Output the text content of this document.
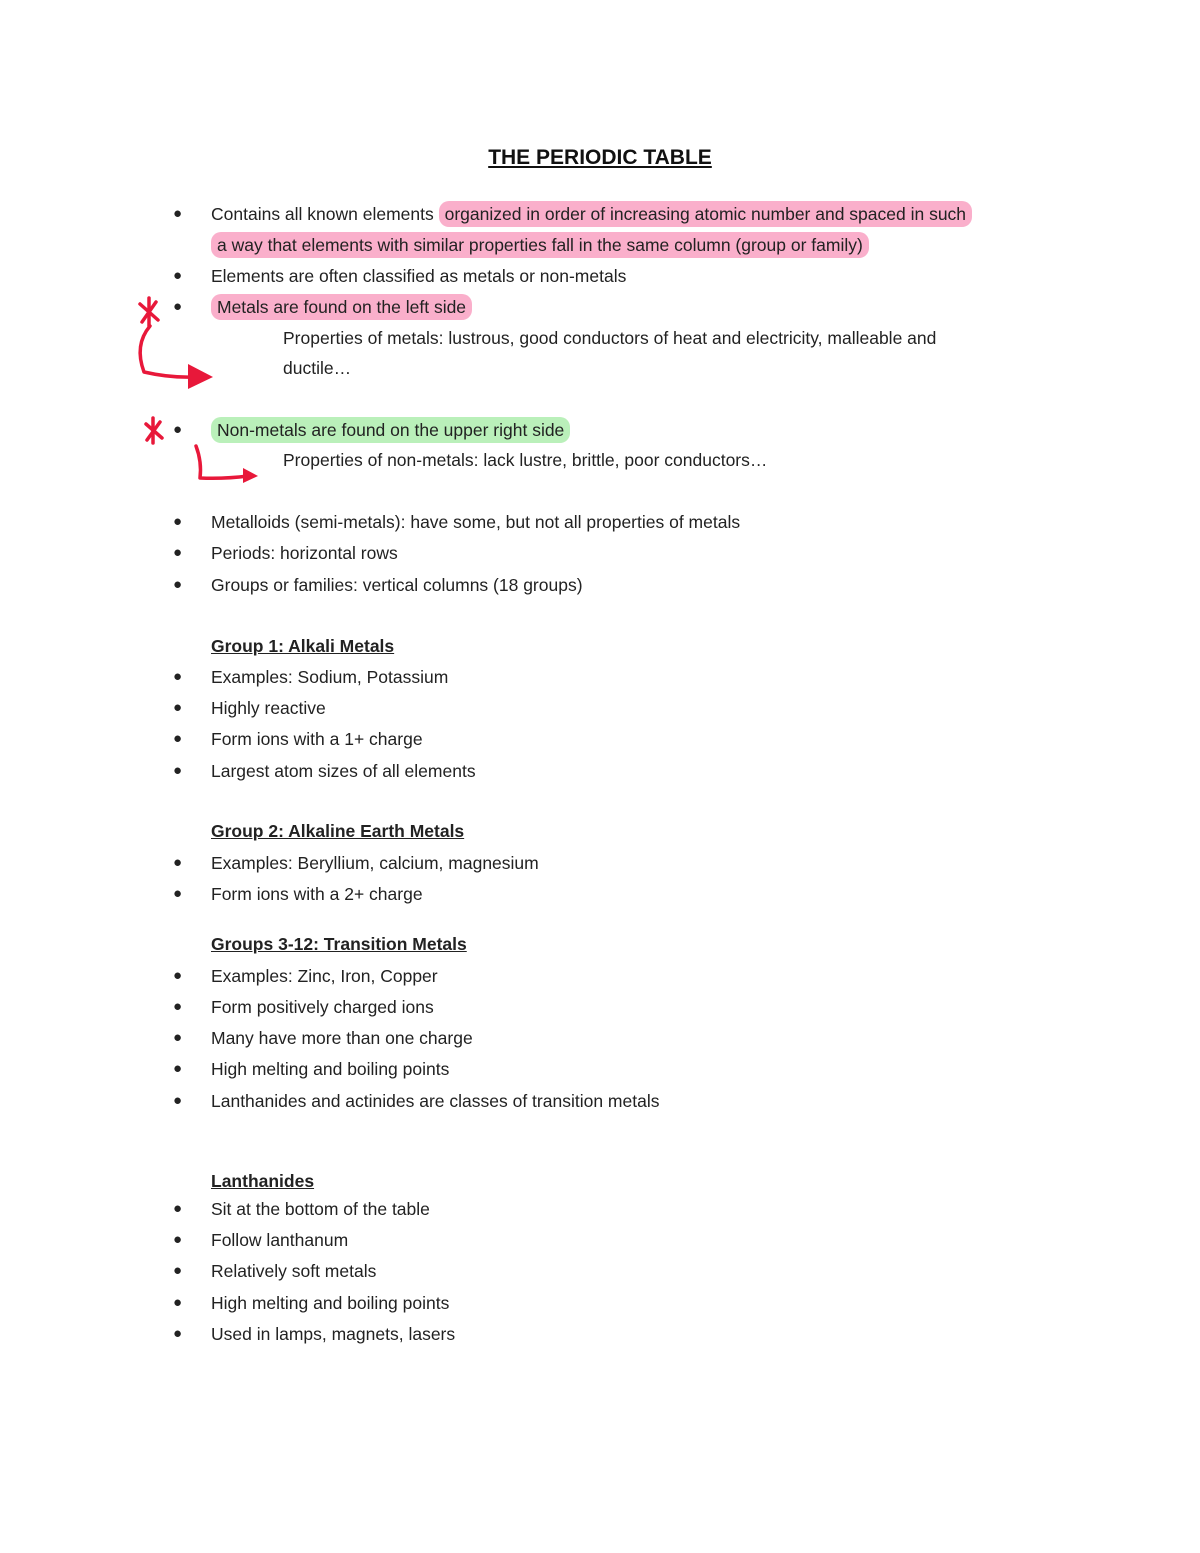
THE PERIODIC TABLE
● Contains all known elements organized in order of increasing atomic number and spaced in such
a way that elements with similar properties fall in the same column (group or family)
● Elements are often classified as metals or non-metals
●	Metals are found on the left side
Properties of metals: lustrous, good conductors of heat and electricity, malleable and
ductile…
●	Non-metals are found on the upper right side
Properties of non-metals: lack lustre, brittle, poor conductors…
● Metalloids (semi-metals): have some, but not all properties of metals
● Periods: horizontal rows
● Groups or families: vertical columns (18 groups)
Group 1: Alkali Metals
● Examples: Sodium, Potassium
● Highly reactive
● Form ions with a 1+ charge
● Largest atom sizes of all elements
Group 2: Alkaline Earth Metals
● Examples: Beryllium, calcium, magnesium
● Form ions with a 2+ charge
Groups 3-12: Transition Metals
● Examples: Zinc, Iron, Copper
● Form positively charged ions
● Many have more than one charge
● High melting and boiling points
● Lanthanides and actinides are classes of transition metals
Lanthanides
● Sit at the bottom of the table
● Follow lanthanum
● Relatively soft metals
● High melting and boiling points
● Used in lamps, magnets, lasers
